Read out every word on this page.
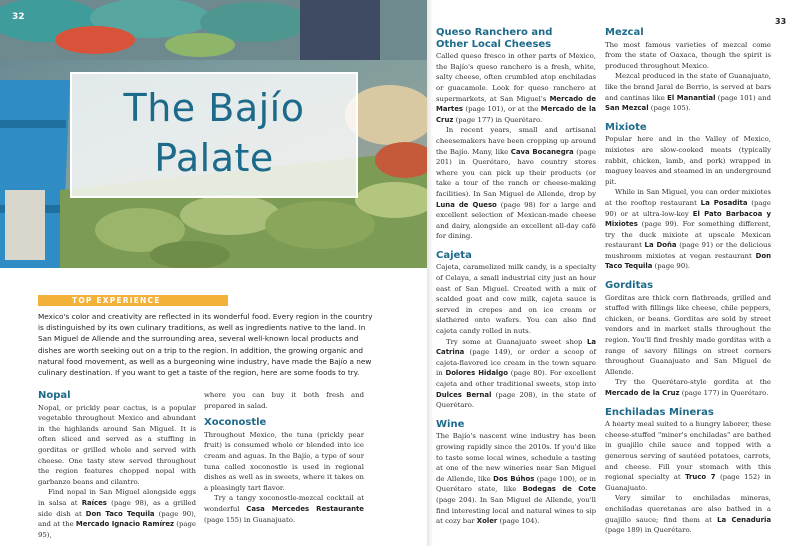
32
The Bajío
Palate
TOP EXPERIENCE
Mexico's color and creativity are reflected in its wonderful food. Every region in the country is distinguished by its own culinary traditions, as well as ingredients native to the land. In San Miguel de Allende and the surrounding area, several well-known local products and dishes are worth seeking out on a trip to the region. In addition, the growing organic and natural food movement, as well as a burgeoning wine industry, have made the Bajío a new culinary destination. If you want to get a taste of the region, here are some foods to try.
Nopal

Nopal, or prickly pear cactus, is a popular vegetable throughout Mexico and abundant in the highlands around San Miguel. It is often sliced and served as a stuffing in gorditas or grilled whole and served with cheese. One tasty stew served throughout the region features chopped nopal with garbanzo beans and cilantro.

Find nopal in San Miguel alongside eggs in salsa at Raíces (page 98), as a grilled side dish at Don Taco Tequila (page 90), and at the Mercado Ignacio Ramírez (page 95),

where you can buy it both fresh and prepared in salad.

Xoconostle

Throughout Mexico, the tuna (prickly pear fruit) is consumed whole or blended into ice cream and aguas. In the Bajío, a type of sour tuna called xoconostle is used in regional dishes as well as in sweets, where it takes on a pleasingly tart flavor.

Try a tangy xoconostle-mezcal cocktail at wonderful Casa Mercedes Restaurante (page 155) in Guanajuato.

33
Queso Ranchero and
Other Local Cheeses

Called queso fresco in other parts of Mexico, the Bajío's queso ranchero is a fresh, white, salty cheese, often crumbled atop enchiladas or guacamole. Look for queso ranchero at supermarkets, at San Miguel's Mercado de Martes (page 101), or at the Mercado de la Cruz (page 177) in Querétaro.

In recent years, small and artisanal cheesemakers have been cropping up around the Bajío. Many, like Cava Bocanegra (page 201) in Querétaro, have country stores where you can pick up their products (or take a tour of the ranch or cheese-making facilities). In San Miguel de Allende, drop by Luna de Queso (page 98) for a large and excellent selection of Mexican-made cheese and dairy, alongside an excellent all-day café for dining.

Cajeta

Cajeta, caramelized milk candy, is a specialty of Celaya, a small industrial city just an hour east of San Miguel. Created with a mix of scalded goat and cow milk, cajeta sauce is served in crepes and on ice cream or slathered onto wafers. You can also find cajeta candy rolled in nuts.

Try some at Guanajuato sweet shop La Catrina (page 149), or order a scoop of cajeta-flavored ice cream in the town square in Dolores Hidalgo (page 80). For excellent cajeta and other traditional sweets, stop into Dulces Bernal (page 208), in the state of Querétaro.

Wine

The Bajío's nascent wine industry has been growing rapidly since the 2010s. If you'd like to taste some local wines, schedule a tasting at one of the new wineries near San Miguel de Allende, like Dos Búhos (page 100), or in Querétaro state, like Bodegas de Cote (page 204). In San Miguel de Allende, you'll find interesting local and natural wines to sip at cozy bar Xoler (page 104).

Mezcal

The most famous varieties of mezcal come from the state of Oaxaca, though the spirit is produced throughout Mexico.

Mezcal produced in the state of Guanajuato, like the brand Jaral de Berrio, is served at bars and cantinas like El Manantial (page 101) and San Mezcal (page 105).

Mixiote

Popular here and in the Valley of Mexico, mixiotes are slow-cooked meats (typically rabbit, chicken, lamb, and pork) wrapped in maguey leaves and steamed in an underground pit.

While in San Miguel, you can order mixiotes at the rooftop restaurant La Posadita (page 90) or at ultra-low-key El Pato Barbacoa y Mixiotes (page 99). For something different, try the duck mixiote at upscale Mexican restaurant La Doña (page 91) or the delicious mushroom mixiotes at vegan restaurant Don Taco Tequila (page 90).

Gorditas

Gorditas are thick corn flatbreads, grilled and stuffed with fillings like cheese, chile peppers, chicken, or beans. Gorditas are sold by street vendors and in market stalls throughout the region. You'll find freshly made gorditas with a range of savory fillings on street corners throughout Guanajuato and San Miguel de Allende.

Try the Querétaro-style gordita at the Mercado de la Cruz (page 177) in Querétaro.

Enchiladas Mineras

A hearty meal suited to a hungry laborer, these cheese-stuffed "miner's enchiladas" are bathed in guajillo chile sauce and topped with a generous serving of sautéed potatoes, carrots, and cheese. Fill your stomach with this regional specialty at Truco 7 (page 152) in Guanajuato.

Very similar to enchiladas mineras, enchiladas queretanas are also bathed in a guajillo sauce; find them at La Cenaduria (page 189) in Querétaro.
